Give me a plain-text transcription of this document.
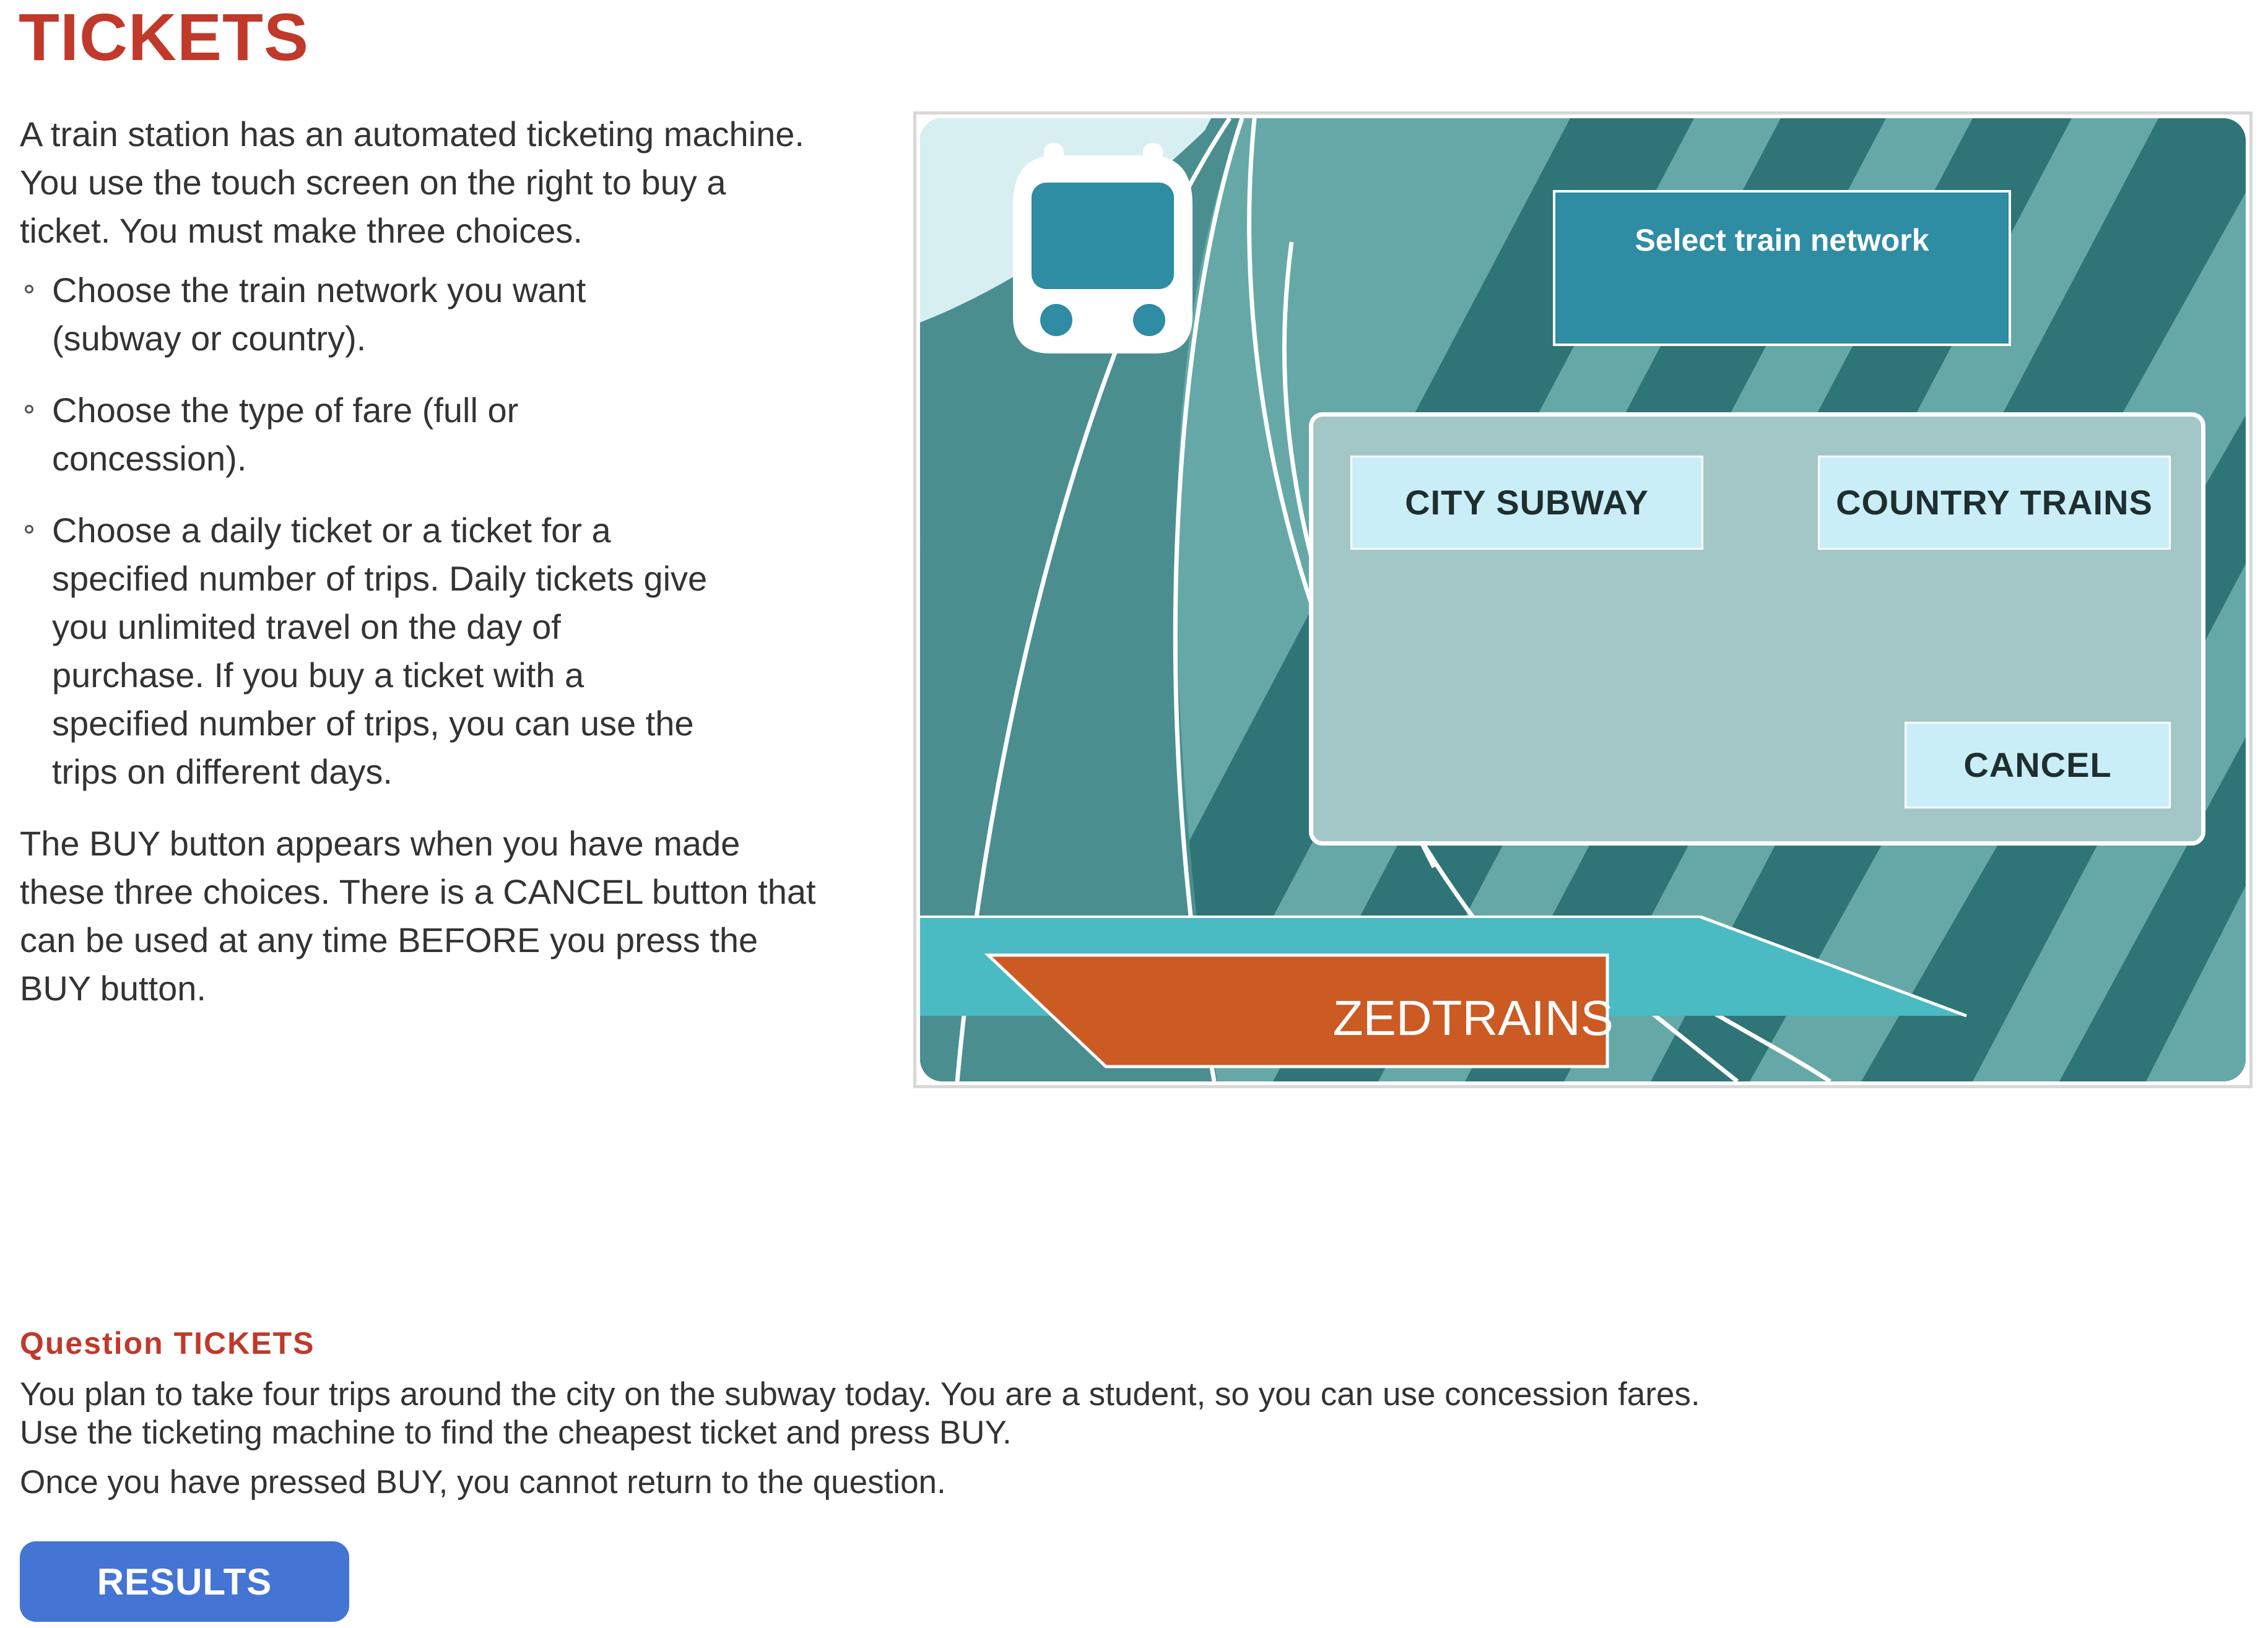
TICKETS

A train station has an automated ticketing machine. You use the touch screen on the right to buy a ticket. You must make three choices.

Choose the train network you want (subway or country).
Choose the type of fare (full or concession).
Choose a daily ticket or a ticket for a specified number of trips. Daily tickets give you unlimited travel on the day of purchase. If you buy a ticket with a specified number of trips, you can use the trips on different days.

The BUY button appears when you have made these three choices. There is a CANCEL button that can be used at any time BEFORE you press the BUY button.

Select train network
CITY SUBWAY	COUNTRY TRAINS
CANCEL
ZEDTRAINS
Question TICKETS

You plan to take four trips around the city on the subway today. You are a student, so you can use concession fares.

Use the ticketing machine to find the cheapest ticket and press BUY.

Once you have pressed BUY, you cannot return to the question.

RESULTS
